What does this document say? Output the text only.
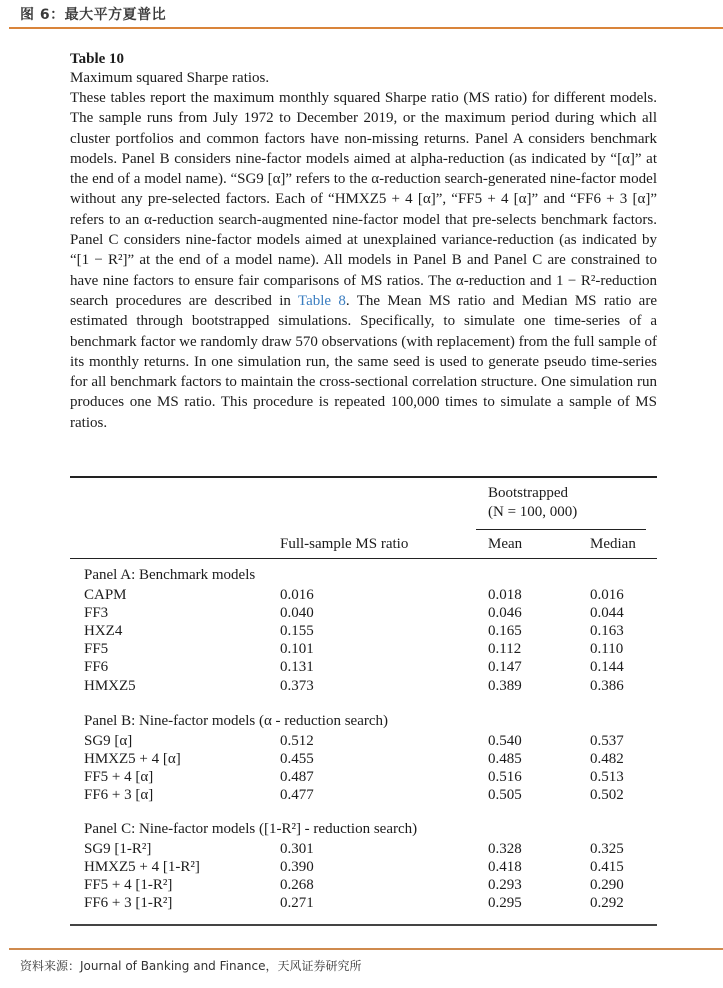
图 6：最大平方夏普比
Table 10
Maximum squared Sharpe ratios.
These tables report the maximum monthly squared Sharpe ratio (MS ratio) for different models. The sample runs from July 1972 to December 2019, or the maximum period during which all cluster portfolios and common factors have non-missing returns. Panel A considers benchmark models. Panel B considers nine-factor models aimed at alpha-reduction (as indicated by “[α]” at the end of a model name). “SG9 [α]” refers to the α-reduction search-generated nine-factor model without any pre-selected factors. Each of “HMXZ5 + 4 [α]”, “FF5 + 4 [α]” and “FF6 + 3 [α]” refers to an α-reduction search-augmented nine-factor model that pre-selects benchmark factors. Panel C considers nine-factor models aimed at unexplained variance-reduction (as indicated by “[1 − R²]” at the end of a model name). All models in Panel B and Panel C are constrained to have nine factors to ensure fair comparisons of MS ratios. The α-reduction and 1 − R²-reduction search procedures are described in Table 8. The Mean MS ratio and Median MS ratio are estimated through bootstrapped simulations. Specifically, to simulate one time-series of a benchmark factor we randomly draw 570 observations (with replacement) from the full sample of its monthly returns. In one simulation run, the same seed is used to generate pseudo time-series for all benchmark factors to maintain the cross-sectional correlation structure. One simulation run produces one MS ratio. This procedure is repeated 100,000 times to simulate a sample of MS ratios.
Bootstrapped
(N = 100, 000)
Full-sample MS ratio	Mean	Median
Panel A: Benchmark models
CAPM	0.016	0.018	0.016
FF3	0.040	0.046	0.044
HXZ4	0.155	0.165	0.163
FF5	0.101	0.112	0.110
FF6	0.131	0.147	0.144
HMXZ5	0.373	0.389	0.386
Panel B: Nine-factor models (α - reduction search)
SG9 [α]	0.512	0.540	0.537
HMXZ5 + 4 [α]	0.455	0.485	0.482
FF5 + 4 [α]	0.487	0.516	0.513
FF6 + 3 [α]	0.477	0.505	0.502
Panel C: Nine-factor models ([1-R²] - reduction search)
SG9 [1-R²]	0.301	0.328	0.325
HMXZ5 + 4 [1-R²]	0.390	0.418	0.415
FF5 + 4 [1-R²]	0.268	0.293	0.290
FF6 + 3 [1-R²]	0.271	0.295	0.292
资料来源：Journal of Banking and Finance，天风证券研究所
